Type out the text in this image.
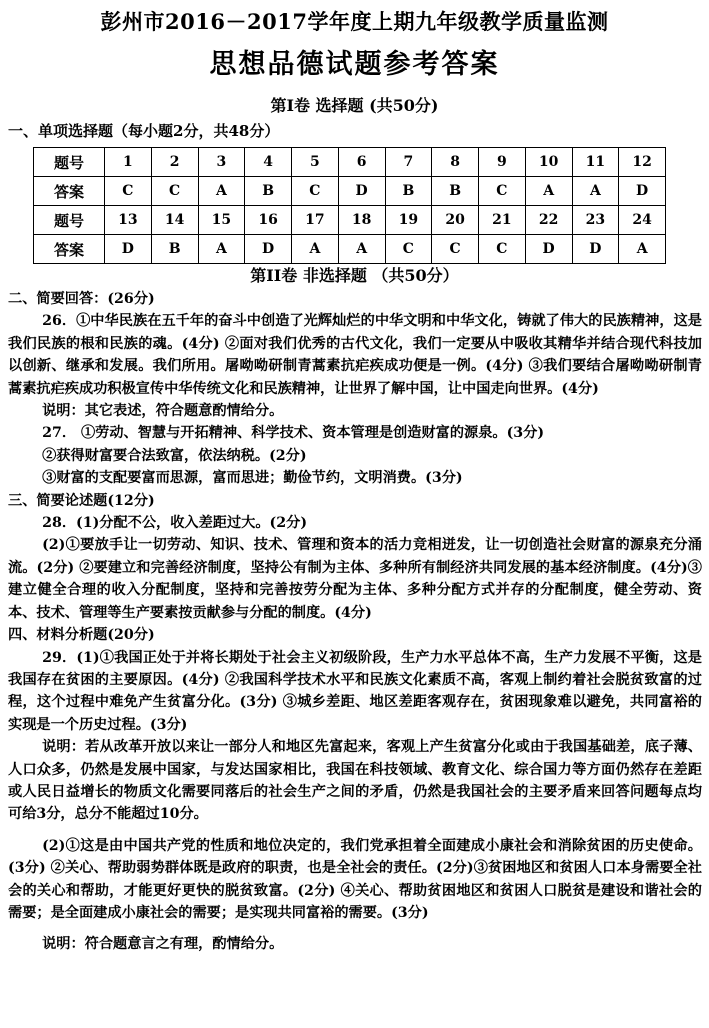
彭州市2016－2017学年度上期九年级教学质量监测
思想品德试题参考答案
第Ⅰ卷 选择题 (共50分)
一、单项选择题（每小题2分，共48分）
题号	1	2	3	4	5	6	7	8	9	10	11	12
答案	C	C	A	B	C	D	B	B	C	A	A	D
题号	13	14	15	16	17	18	19	20	21	22	23	24
答案	D	B	A	D	A	A	C	C	C	D	D	A
第II卷 非选择题 （共50分）

二、简要回答：(26分)

26．①中华民族在五千年的奋斗中创造了光辉灿烂的中华文明和中华文化，铸就了伟大的民族精神，这是我们民族的根和民族的魂。(4分) ②面对我们优秀的古代文化，我们一定要从中吸收其精华并结合现代科技加以创新、继承和发展。我们所用。屠呦呦研制青蒿素抗疟疾成功便是一例。(4分) ③我们要结合屠呦呦研制青蒿素抗疟疾成功积极宣传中华传统文化和民族精神，让世界了解中国，让中国走向世界。(4分)

说明：其它表述，符合题意酌情给分。

27． ①劳动、智慧与开拓精神、科学技术、资本管理是创造财富的源泉。(3分)

②获得财富要合法致富，依法纳税。(2分)

③财富的支配要富而思源，富而思进；勤俭节约，文明消费。(3分)

三、简要论述题(12分)

28．(1)分配不公，收入差距过大。(2分)

(2)①要放手让一切劳动、知识、技术、管理和资本的活力竞相迸发，让一切创造社会财富的源泉充分涌流。(2分) ②要建立和完善经济制度，坚持公有制为主体、多种所有制经济共同发展的基本经济制度。(4分)③建立健全合理的收入分配制度，坚持和完善按劳分配为主体、多种分配方式并存的分配制度，健全劳动、资本、技术、管理等生产要素按贡献参与分配的制度。(4分)

四、材料分析题(20分)

29．(1)①我国正处于并将长期处于社会主义初级阶段，生产力水平总体不高，生产力发展不平衡，这是我国存在贫困的主要原因。(4分) ②我国科学技术水平和民族文化素质不高，客观上制约着社会脱贫致富的过程，这个过程中难免产生贫富分化。(3分) ③城乡差距、地区差距客观存在，贫困现象难以避免，共同富裕的实现是一个历史过程。(3分)

说明：若从改革开放以来让一部分人和地区先富起来，客观上产生贫富分化或由于我国基础差，底子薄、人口众多，仍然是发展中国家，与发达国家相比，我国在科技领域、教育文化、综合国力等方面仍然存在差距或人民日益增长的物质文化需要同落后的社会生产之间的矛盾，仍然是我国社会的主要矛盾来回答问题每点均可给3分，总分不能超过10分。

(2)①这是由中国共产党的性质和地位决定的，我们党承担着全面建成小康社会和消除贫困的历史使命。(3分) ②关心、帮助弱势群体既是政府的职责，也是全社会的责任。(2分)③贫困地区和贫困人口本身需要全社会的关心和帮助，才能更好更快的脱贫致富。(2分) ④关心、帮助贫困地区和贫困人口脱贫是建设和谐社会的需要；是全面建成小康社会的需要；是实现共同富裕的需要。(3分)

说明：符合题意言之有理，酌情给分。
